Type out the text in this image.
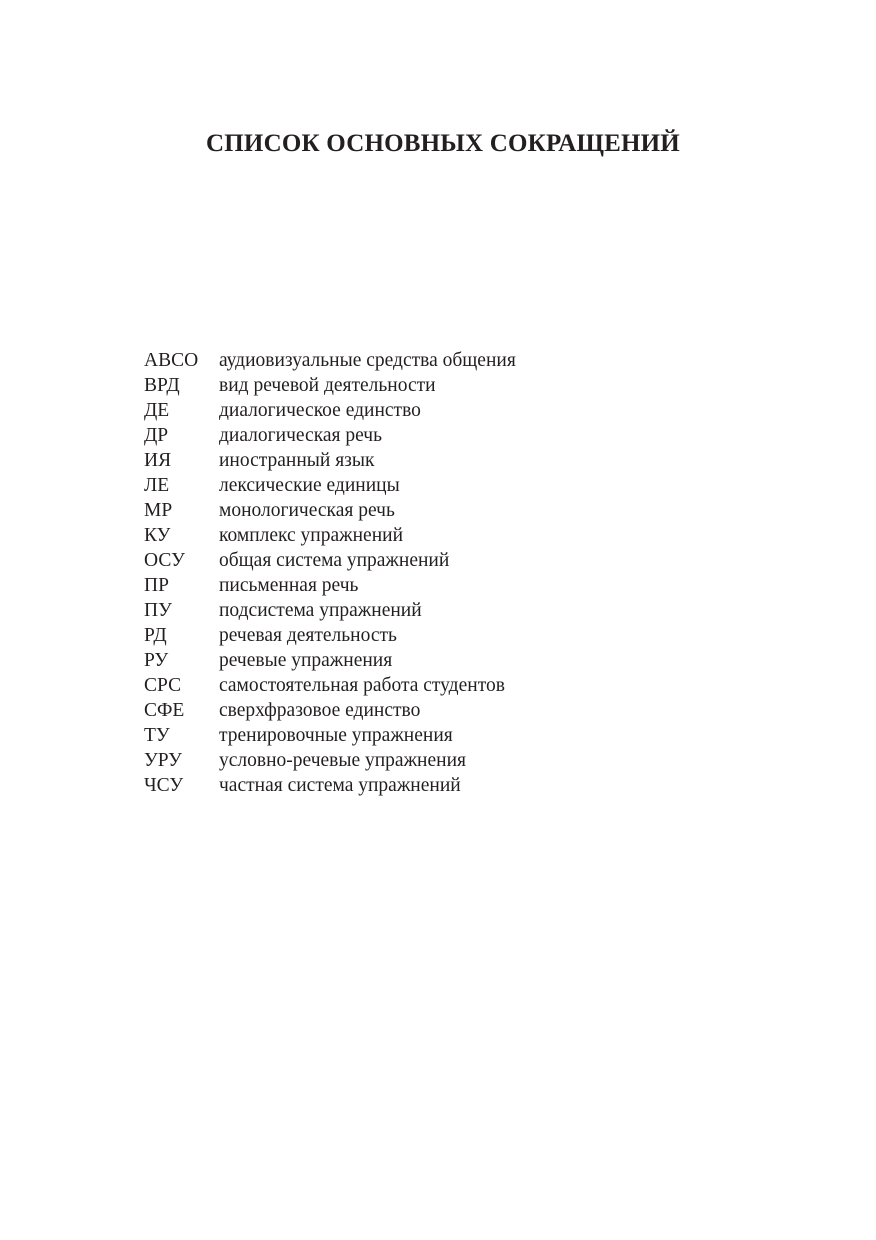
СПИСОК ОСНОВНЫХ СОКРАЩЕНИЙ
АВСО	аудиовизуальные средства общения
ВРД	вид речевой деятельности
ДЕ	диалогическое единство
ДР	диалогическая речь
ИЯ	иностранный язык
ЛЕ	лексические единицы
МР	монологическая речь
КУ	комплекс упражнений
ОСУ	общая система упражнений
ПР	письменная речь
ПУ	подсистема упражнений
РД	речевая деятельность
РУ	речевые упражнения
СРС	самостоятельная работа студентов
СФЕ	сверхфразовое единство
ТУ	тренировочные упражнения
УРУ	условно-речевые упражнения
ЧСУ	частная система упражнений
